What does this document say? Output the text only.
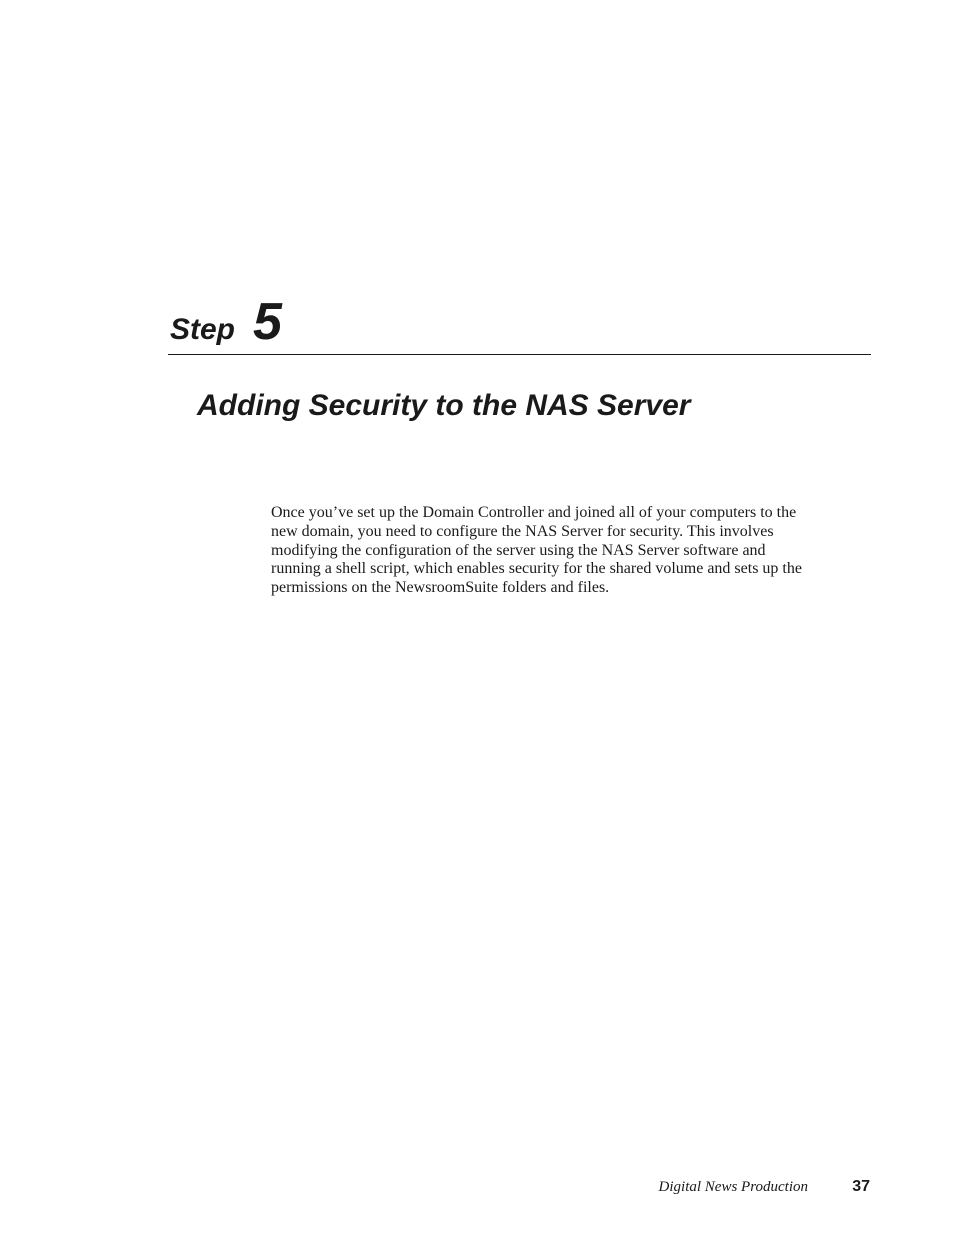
Step 5
Adding Security to the NAS Server

Once you’ve set up the Domain Controller and joined all of your computers to the new domain, you need to configure the NAS Server for security. This involves modifying the configuration of the server using the NAS Server software and running a shell script, which enables security for the shared volume and sets up the permissions on the NewsroomSuite folders and files.

Digital News Production	37
